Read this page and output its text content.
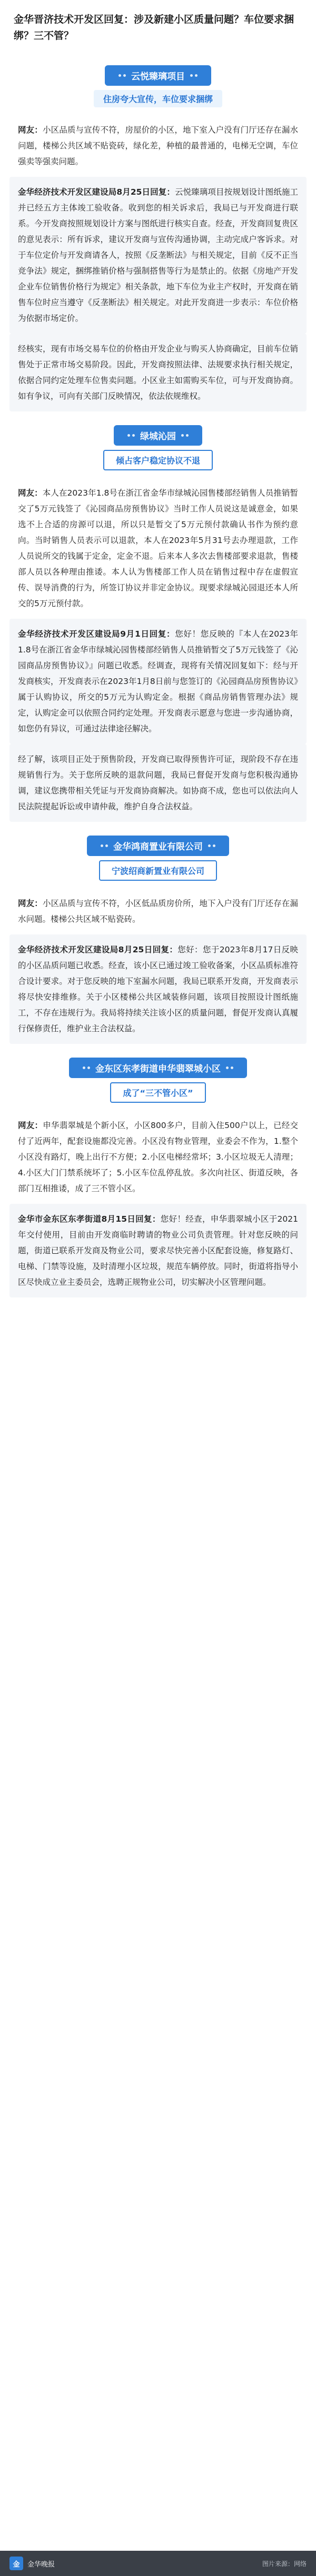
金华晋济技术开发区回复：涉及新建小区质量问题？车位要求捆绑？三不管？
云悦臻璃项目
住房夸大宣传，车位要求捆绑
网友：小区品质与宣传不符，房屋价的小区，地下室入户没有门厅还存在漏水问题，楼梯公共区域不贴瓷砖，绿化差，种植的最普通的，电梯无空调，车位强卖等强卖问题。
金华经济技术开发区建设局8月25日回复：云悦臻璃项目按规划设计图纸施工并已经五方主体竣工验收备。收到您的相关诉求后，我局已与开发商进行联系。今开发商按照规划设计方案与图纸进行核实自查。经查，开发商回复贵区的意见表示：所有诉求，建议开发商与宣传沟通协调，主动完成户客诉求。对于车位定价与开发商请各人，按照《反垄断法》与相关规定，目前《反不正当竞争法》规定，捆绑推销价格与强制搭售等行为是禁止的。依据《房地产开发企业车位销售价格行为规定》相关条款，地下车位为业主产权时，开发商在销售车位时应当遵守《反垄断法》相关规定。对此开发商进一步表示：车位价格为依据市场定价。
经核实，现有市场交易车位的价格由开发企业与购买人协商确定，目前车位销售处于正常市场交易阶段。因此，开发商按照法律、法规要求执行相关规定，依据合同约定处理车位售卖问题。小区业主如需购买车位，可与开发商协商。如有争议，可向有关部门反映情况，依法依规维权。
绿城沁园
倾占客户稳定协议不退
网友：本人在2023年1.8号在浙江省金华市绿城沁园售楼部经销售人员推销暂交了5万元钱签了《沁园商品房预售协议》当时工作人员说这是诚意金，如果选不上合适的房源可以退，所以只是暂交了5万元预付款确认书作为预约意向。当时销售人员表示可以退款，本人在2023年5月31号去办理退款，工作人员说所交的钱属于定金，定金不退。后来本人多次去售楼部要求退款，售楼部人员以各种理由推诿。本人认为售楼部工作人员在销售过程中存在虚假宣传、误导消费的行为，所签订协议并非定金协议。现要求绿城沁园退还本人所交的5万元预付款。
金华经济技术开发区建设局9月1日回复：您好！您反映的『本人在2023年1.8号在浙江省金华市绿城沁园售楼部经销售人员推销暂交了5万元钱签了《沁园商品房预售协议》』问题已收悉。经调查，现将有关情况回复如下：经与开发商核实，开发商表示在2023年1月8日前与您签订的《沁园商品房预售协议》属于认购协议，所交的5万元为认购定金。根据《商品房销售管理办法》规定，认购定金可以依照合同约定处理。开发商表示愿意与您进一步沟通协商，如您仍有异议，可通过法律途径解决。
经了解，该项目正处于预售阶段，开发商已取得预售许可证，现阶段不存在违规销售行为。关于您所反映的退款问题，我局已督促开发商与您积极沟通协调，建议您携带相关凭证与开发商协商解决。如协商不成，您也可以依法向人民法院提起诉讼或申请仲裁，维护自身合法权益。
金华鸿商置业有限公司
宁波绍商新置业有限公司
网友：小区品质与宣传不符，小区低品质房价所，地下入户没有门厅还存在漏水问题。楼梯公共区域不贴瓷砖。
金华经济技术开发区建设局8月25日回复：您好：您于2023年8月17日反映的小区品质问题已收悉。经查，该小区已通过竣工验收备案，小区品质标准符合设计要求。对于您反映的地下室漏水问题，我局已联系开发商，开发商表示将尽快安排维修。关于小区楼梯公共区域装修问题，该项目按照设计图纸施工，不存在违规行为。我局将持续关注该小区的质量问题，督促开发商认真履行保修责任，维护业主合法权益。
金东区东孝街道申华翡翠城小区
成了“三不管小区”
网友：申华翡翠城是个新小区，小区800多户，目前入住500户以上，已经交付了近两年，配套设施都没完善。小区没有物业管理，业委会不作为，1.整个小区没有路灯，晚上出行不方便；2.小区电梯经常坏；3.小区垃圾无人清理；4.小区大门门禁系统坏了；5.小区车位乱停乱放。多次向社区、街道反映，各部门互相推诿，成了三不管小区。
金华市金东区东孝街道8月15日回复：您好！经查，申华翡翠城小区于2021年交付使用，目前由开发商临时聘请的物业公司负责管理。针对您反映的问题，街道已联系开发商及物业公司，要求尽快完善小区配套设施，修复路灯、电梯、门禁等设施，及时清理小区垃圾，规范车辆停放。同时，街道将指导小区尽快成立业主委员会，选聘正规物业公司，切实解决小区管理问题。
金	金华晚报	图片来源：网络
